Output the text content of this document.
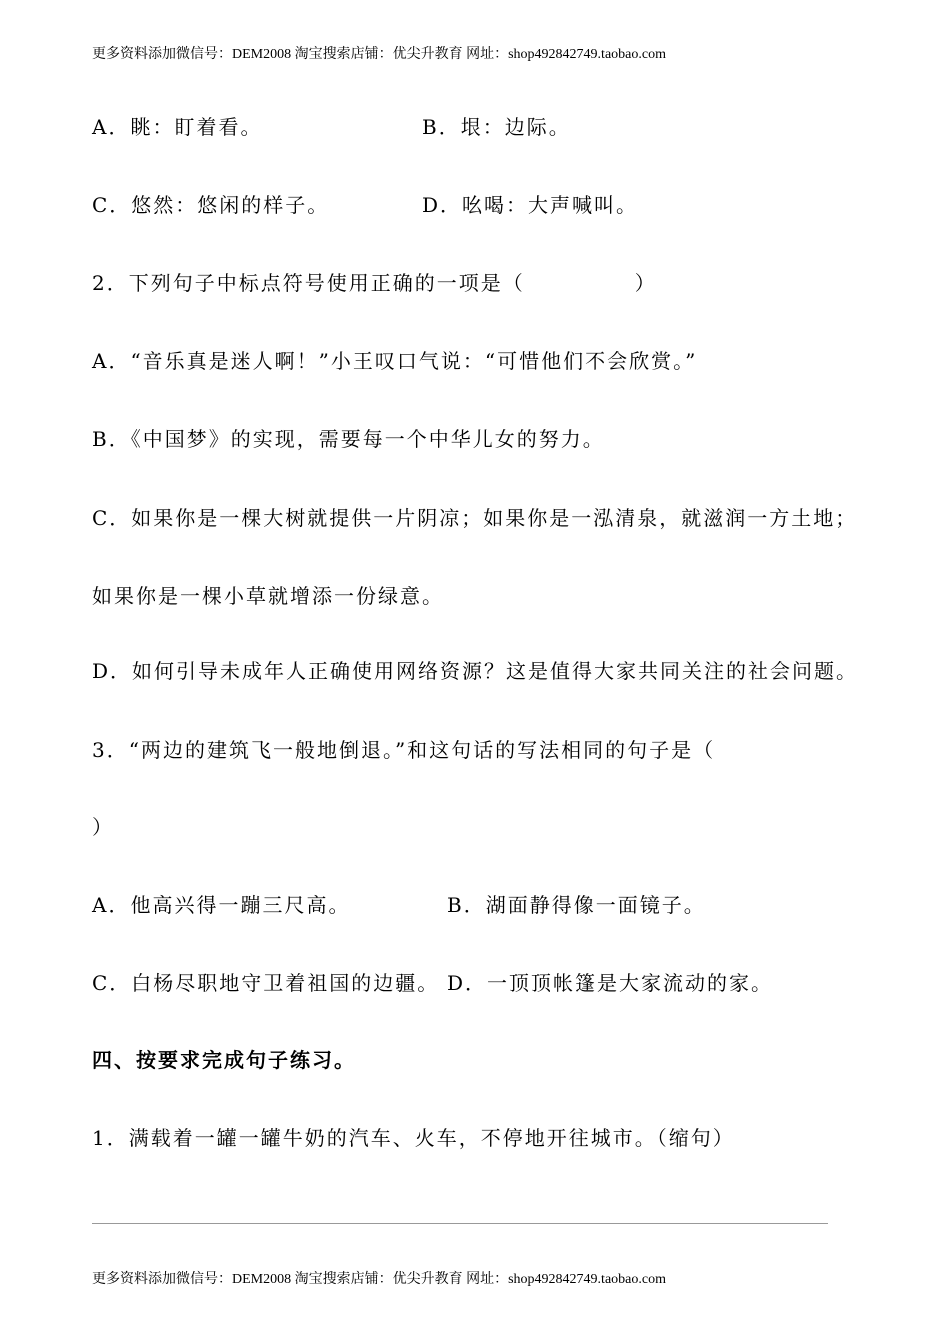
更多资料添加微信号：DEM2008 淘宝搜索店铺：优尖升教育 网址：shop492842749.taobao.com
A．眺：盯着看。	B．垠：边际。
C．悠然：悠闲的样子。	D．吆喝：大声喊叫。
2．下列句子中标点符号使用正确的一项是（　　　　　）
A．“音乐真是迷人啊！”小王叹口气说：“可惜他们不会欣赏。”
B．《中国梦》的实现，需要每一个中华儿女的努力。
C．如果你是一棵大树就提供一片阴凉；如果你是一泓清泉，就滋润一方土地；
如果你是一棵小草就增添一份绿意。
D．如何引导未成年人正确使用网络资源？这是值得大家共同关注的社会问题。
3．“两边的建筑飞一般地倒退。”和这句话的写法相同的句子是（
）
A．他高兴得一蹦三尺高。	B．湖面静得像一面镜子。
C．白杨尽职地守卫着祖国的边疆。 D．一顶顶帐篷是大家流动的家。
四、按要求完成句子练习。
1．满载着一罐一罐牛奶的汽车、火车，不停地开往城市。（缩句）
更多资料添加微信号：DEM2008 淘宝搜索店铺：优尖升教育 网址：shop492842749.taobao.com
